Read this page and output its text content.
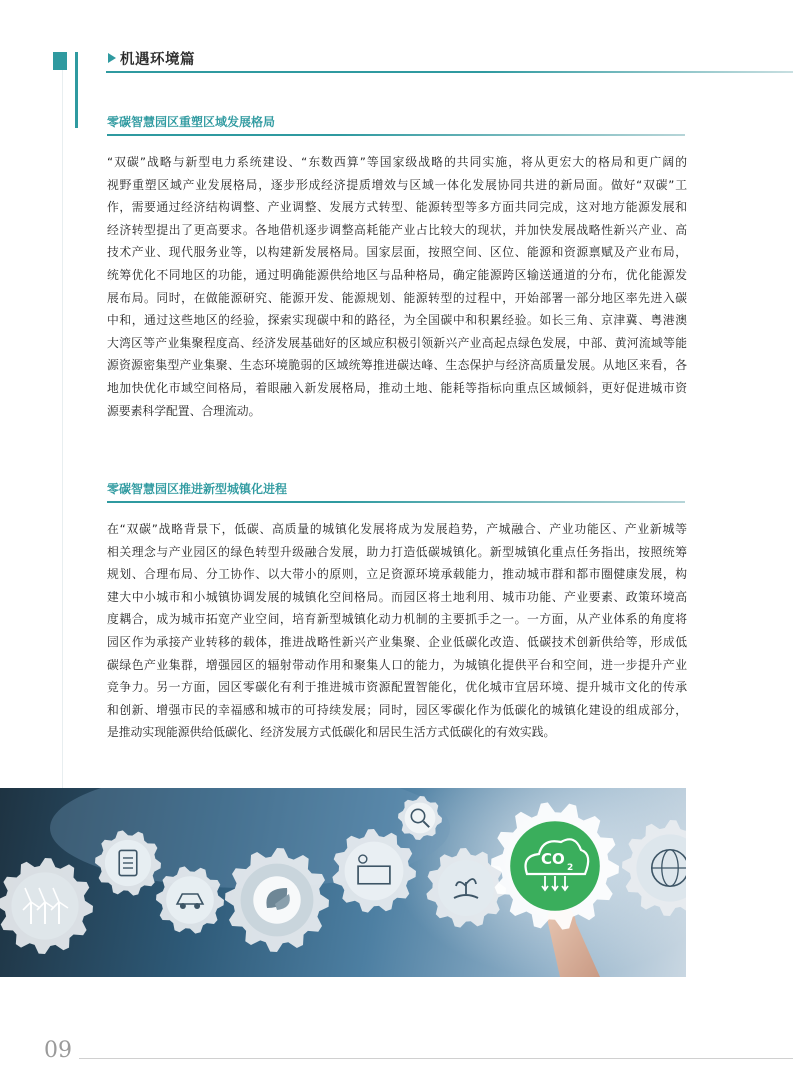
机遇环境篇
零碳智慧园区重塑区域发展格局
“双碳”战略与新型电力系统建设、“东数西算”等国家级战略的共同实施，将从更宏大的格局和更广阔的
视野重塑区域产业发展格局，逐步形成经济提质增效与区域一体化发展协同共进的新局面。做好“双碳”工
作，需要通过经济结构调整、产业调整、发展方式转型、能源转型等多方面共同完成，这对地方能源发展和
经济转型提出了更高要求。各地借机逐步调整高耗能产业占比较大的现状，并加快发展战略性新兴产业、高
技术产业、现代服务业等，以构建新发展格局。国家层面，按照空间、区位、能源和资源禀赋及产业布局，
统筹优化不同地区的功能，通过明确能源供给地区与品种格局，确定能源跨区输送通道的分布，优化能源发
展布局。同时，在做能源研究、能源开发、能源规划、能源转型的过程中，开始部署一部分地区率先进入碳
中和，通过这些地区的经验，探索实现碳中和的路径，为全国碳中和积累经验。如长三角、京津冀、粤港澳
大湾区等产业集聚程度高、经济发展基础好的区域应积极引领新兴产业高起点绿色发展，中部、黄河流域等能
源资源密集型产业集聚、生态环境脆弱的区域统筹推进碳达峰、生态保护与经济高质量发展。从地区来看，各
地加快优化市域空间格局，着眼融入新发展格局，推动土地、能耗等指标向重点区域倾斜，更好促进城市资
源要素科学配置、合理流动。
零碳智慧园区推进新型城镇化进程
在“双碳”战略背景下，低碳、高质量的城镇化发展将成为发展趋势，产城融合、产业功能区、产业新城等
相关理念与产业园区的绿色转型升级融合发展，助力打造低碳城镇化。新型城镇化重点任务指出，按照统筹
规划、合理布局、分工协作、以大带小的原则，立足资源环境承载能力，推动城市群和都市圈健康发展，构
建大中小城市和小城镇协调发展的城镇化空间格局。而园区将土地利用、城市功能、产业要素、政策环境高
度耦合，成为城市拓宽产业空间，培育新型城镇化动力机制的主要抓手之一。一方面，从产业体系的角度将
园区作为承接产业转移的载体，推进战略性新兴产业集聚、企业低碳化改造、低碳技术创新供给等，形成低
碳绿色产业集群，增强园区的辐射带动作用和聚集人口的能力，为城镇化提供平台和空间，进一步提升产业
竞争力。另一方面，园区零碳化有利于推进城市资源配置智能化，优化城市宜居环境、提升城市文化的传承
和创新、增强市民的幸福感和城市的可持续发展；同时，园区零碳化作为低碳化的城镇化建设的组成部分，
是推动实现能源供给低碳化、经济发展方式低碳化和居民生活方式低碳化的有效实践。
CO 2
09
